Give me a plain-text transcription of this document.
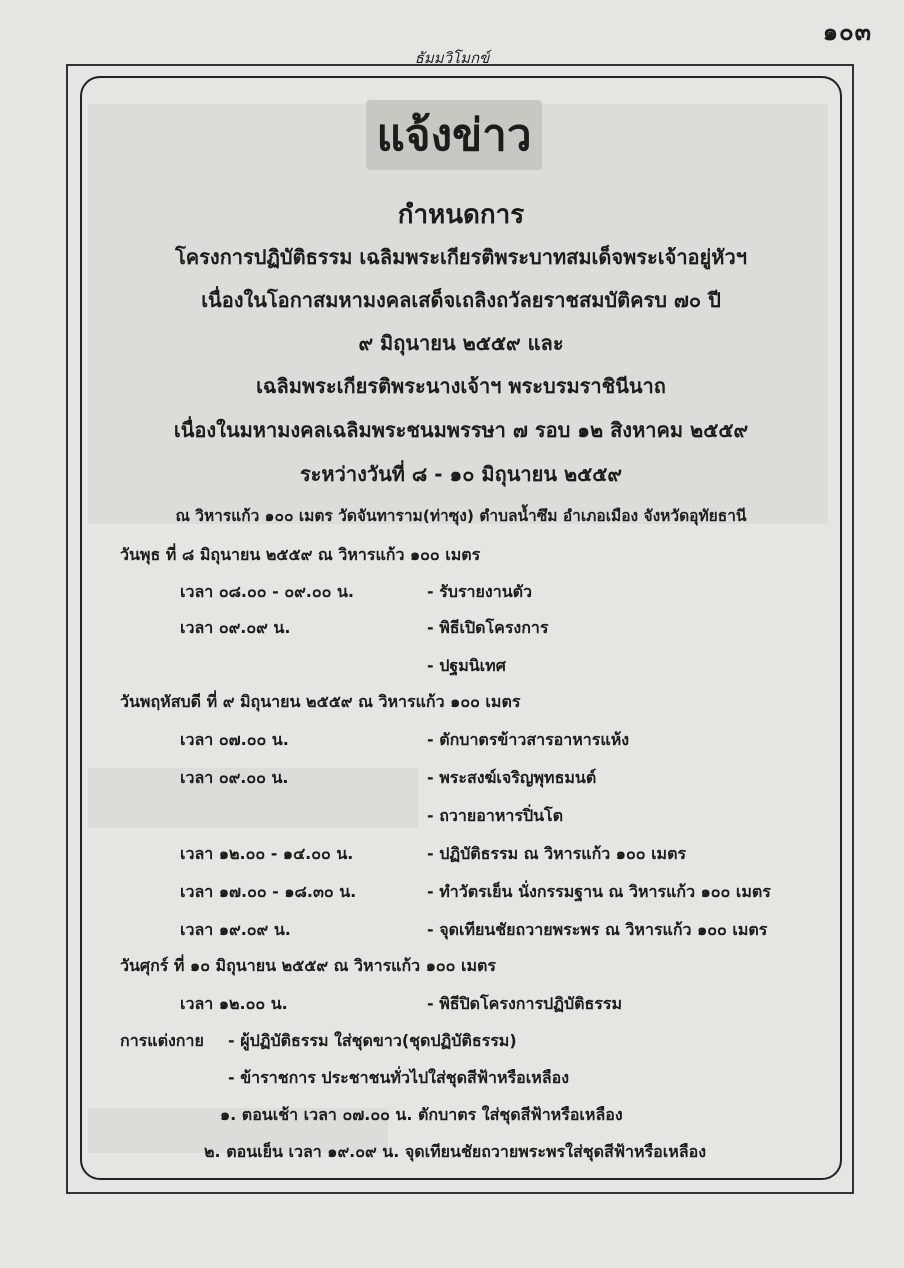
๑๐๓
ธัมมวิโมกข์
แจ้งข่าว
กำหนดการ
โครงการปฏิบัติธรรม เฉลิมพระเกียรติพระบาทสมเด็จพระเจ้าอยู่หัวฯ
เนื่องในโอกาสมหามงคลเสด็จเถลิงถวัลยราชสมบัติครบ ๗๐ ปี
๙ มิถุนายน ๒๕๕๙ และ
เฉลิมพระเกียรติพระนางเจ้าฯ พระบรมราชินีนาถ
เนื่องในมหามงคลเฉลิมพระชนมพรรษา ๗ รอบ ๑๒ สิงหาคม ๒๕๕๙
ระหว่างวันที่ ๘ - ๑๐ มิถุนายน ๒๕๕๙
ณ วิหารแก้ว ๑๐๐ เมตร วัดจันทาราม(ท่าซุง) ตำบลน้ำซึม อำเภอเมือง จังหวัดอุทัยธานี
วันพุธ ที่ ๘ มิถุนายน ๒๕๕๙ ณ วิหารแก้ว ๑๐๐ เมตร
เวลา ๐๘.๐๐ - ๐๙.๐๐ น.	- รับรายงานตัว
เวลา ๐๙.๐๙ น.	- พิธีเปิดโครงการ
- ปฐมนิเทศ
วันพฤหัสบดี ที่ ๙ มิถุนายน ๒๕๕๙ ณ วิหารแก้ว ๑๐๐ เมตร
เวลา ๐๗.๐๐ น.	- ตักบาตรข้าวสารอาหารแห้ง
เวลา ๐๙.๐๐ น.	- พระสงฆ์เจริญพุทธมนต์
- ถวายอาหารปิ่นโต
เวลา ๑๒.๐๐ - ๑๔.๐๐ น.	- ปฏิบัติธรรม ณ วิหารแก้ว ๑๐๐ เมตร
เวลา ๑๗.๐๐ - ๑๘.๓๐ น.	- ทำวัตรเย็น นั่งกรรมฐาน ณ วิหารแก้ว ๑๐๐ เมตร
เวลา ๑๙.๐๙ น.	- จุดเทียนชัยถวายพระพร ณ วิหารแก้ว ๑๐๐ เมตร
วันศุกร์ ที่ ๑๐ มิถุนายน ๒๕๕๙ ณ วิหารแก้ว ๑๐๐ เมตร
เวลา ๑๒.๐๐ น.	- พิธีปิดโครงการปฏิบัติธรรม
การแต่งกาย - ผู้ปฏิบัติธรรม ใส่ชุดขาว(ชุดปฏิบัติธรรม)
- ข้าราชการ ประชาชนทั่วไปใส่ชุดสีฟ้าหรือเหลือง
๑. ตอนเช้า เวลา ๐๗.๐๐ น. ตักบาตร ใส่ชุดสีฟ้าหรือเหลือง
๒. ตอนเย็น เวลา ๑๙.๐๙ น. จุดเทียนชัยถวายพระพรใส่ชุดสีฟ้าหรือเหลือง
